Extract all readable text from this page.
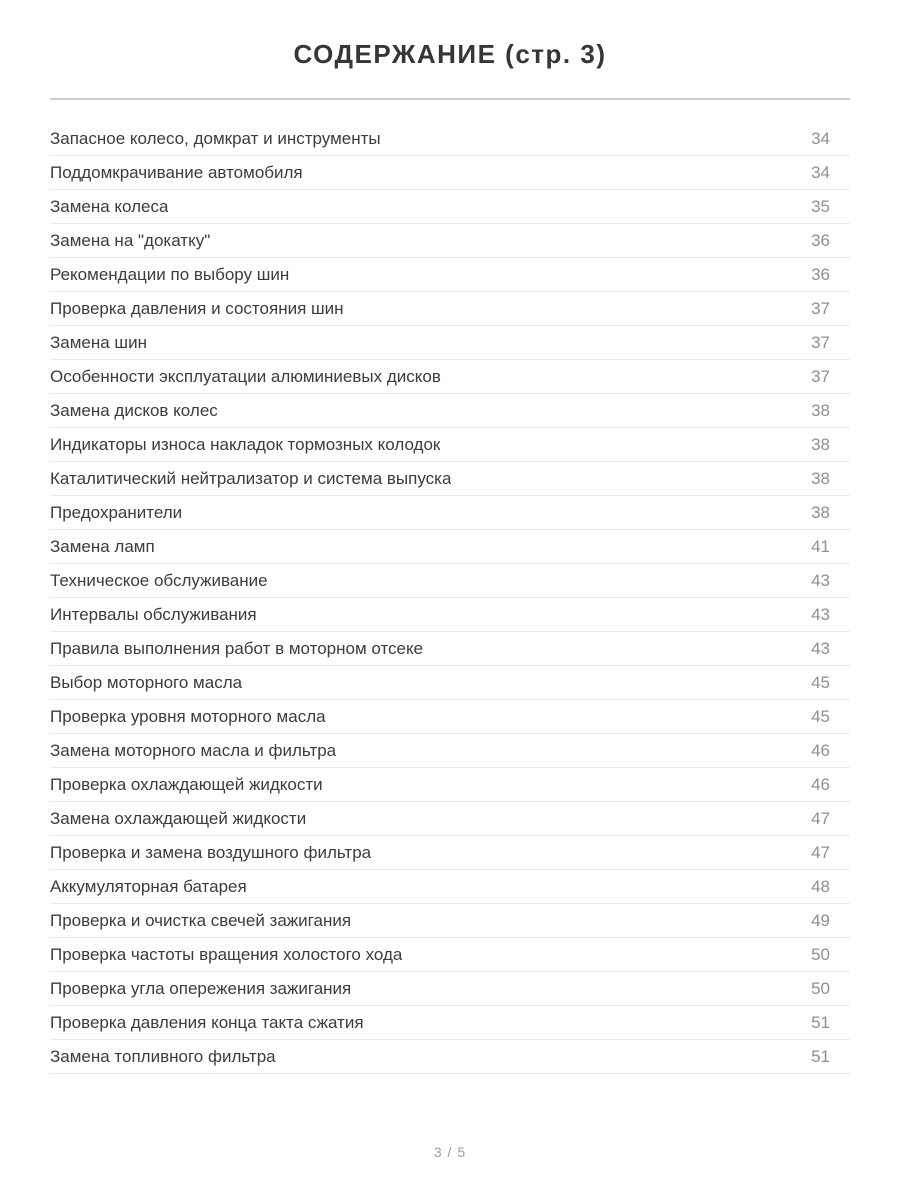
СОДЕРЖАНИЕ (стр. 3)
Запасное колесо, домкрат и инструменты	34
Поддомкрачивание автомобиля	34
Замена колеса	35
Замена на "докатку"	36
Рекомендации по выбору шин	36
Проверка давления и состояния шин	37
Замена шин	37
Особенности эксплуатации алюминиевых дисков	37
Замена дисков колес	38
Индикаторы износа накладок тормозных колодок	38
Каталитический нейтрализатор и система выпуска	38
Предохранители	38
Замена ламп	41
Техническое обслуживание	43
Интервалы обслуживания	43
Правила выполнения работ в моторном отсеке	43
Выбор моторного масла	45
Проверка уровня моторного масла	45
Замена моторного масла и фильтра	46
Проверка охлаждающей жидкости	46
Замена охлаждающей жидкости	47
Проверка и замена воздушного фильтра	47
Аккумуляторная батарея	48
Проверка и очистка свечей зажигания	49
Проверка частоты вращения холостого хода	50
Проверка угла опережения зажигания	50
Проверка давления конца такта сжатия	51
Замена топливного фильтра	51
3 / 5
